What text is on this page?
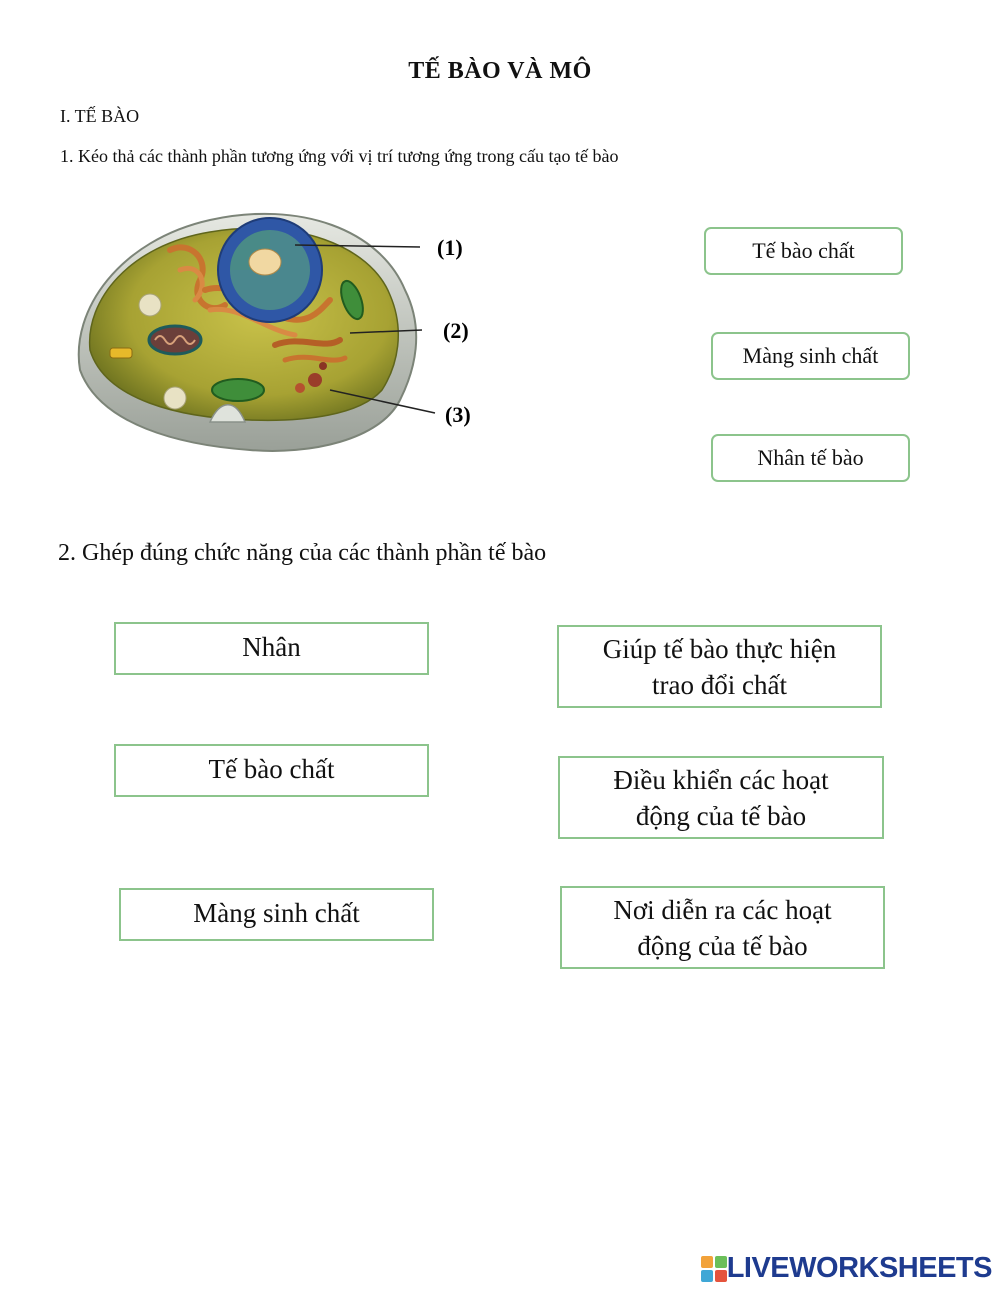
TẾ BÀO VÀ MÔ
I. TẾ BÀO
1. Kéo thả các thành phần tương ứng với vị trí tương ứng trong cấu tạo tế bào
(1)
(2)
(3)
Tế bào chất
Màng sinh chất
Nhân tế bào
2. Ghép đúng chức năng của các thành phần tế bào
Nhân
Tế bào chất
Màng sinh chất
Giúp tế bào thực hiện
trao đổi chất
Điều khiển các hoạt
động của tế bào
Nơi diễn ra các hoạt
động của tế bào
LIVEWORKSHEETS
